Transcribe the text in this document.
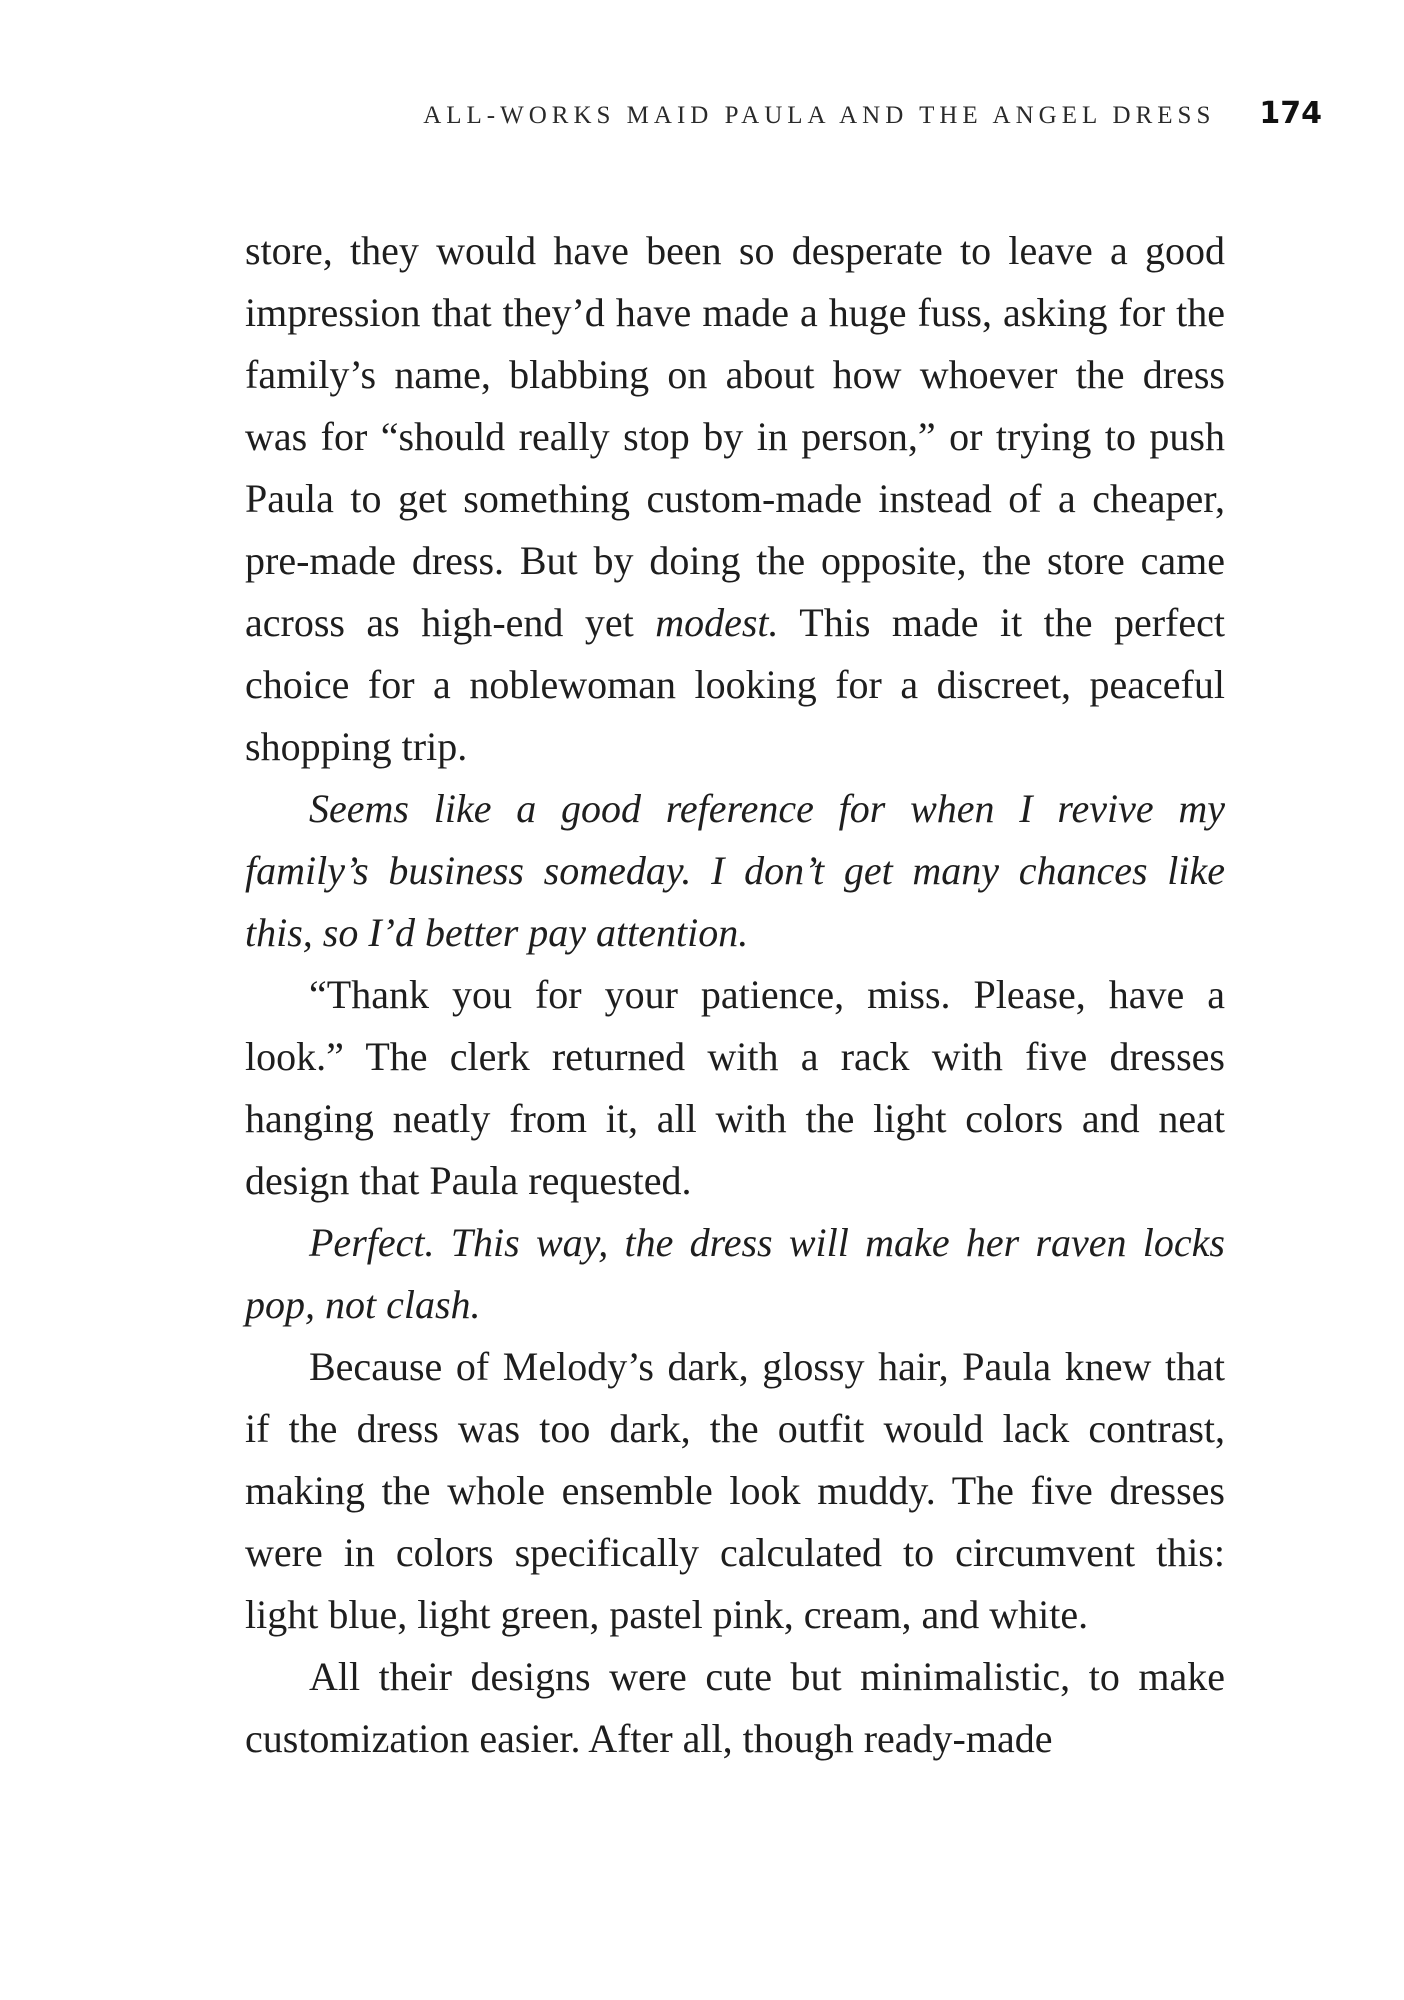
ALL-WORKS MAID PAULA AND THE ANGEL DRESS 174

store, they would have been so desperate to leave a good impression that they’d have made a huge fuss, asking for the family’s name, blabbing on about how whoever the dress was for “should really stop by in person,” or trying to push Paula to get something custom-made instead of a cheaper, pre-made dress. But by doing the opposite, the store came across as high-end yet modest. This made it the perfect choice for a noblewoman looking for a discreet, peaceful shopping trip.

Seems like a good reference for when I revive my family’s business someday. I don’t get many chances like this, so I’d better pay attention.

“Thank you for your patience, miss. Please, have a look.” The clerk returned with a rack with five dresses hanging neatly from it, all with the light colors and neat design that Paula requested.

Perfect. This way, the dress will make her raven locks pop, not clash.

Because of Melody’s dark, glossy hair, Paula knew that if the dress was too dark, the outfit would lack contrast, making the whole ensemble look muddy. The five dresses were in colors specifically calculated to circumvent this: light blue, light green, pastel pink, cream, and white.

All their designs were cute but minimalistic, to make customization easier. After all, though ready-made
